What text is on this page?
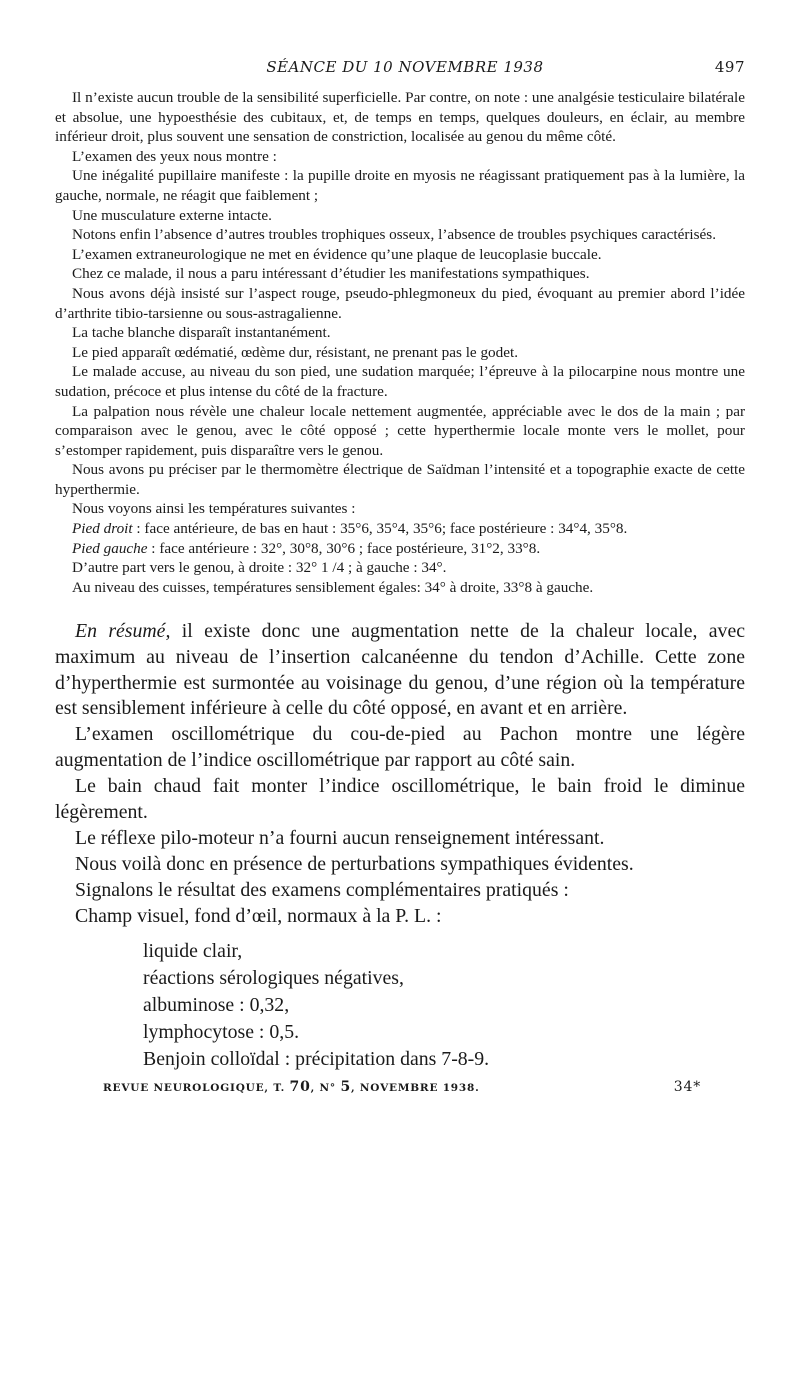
SÉANCE DU 10 NOVEMBRE 1938	497

Il n’existe aucun trouble de la sensibilité superficielle. Par contre, on note : une analgésie testiculaire bilatérale et absolue, une hypoesthésie des cubitaux, et, de temps en temps, quelques douleurs, en éclair, au membre inférieur droit, plus souvent une sensation de constriction, localisée au genou du même côté.

L’examen des yeux nous montre :

Une inégalité pupillaire manifeste : la pupille droite en myosis ne réagissant pratiquement pas à la lumière, la gauche, normale, ne réagit que faiblement ;

Une musculature externe intacte.

Notons enfin l’absence d’autres troubles trophiques osseux, l’absence de troubles psychiques caractérisés.

L’examen extraneurologique ne met en évidence qu’une plaque de leucoplasie buccale.

Chez ce malade, il nous a paru intéressant d’étudier les manifestations sympathiques.

Nous avons déjà insisté sur l’aspect rouge, pseudo-phlegmoneux du pied, évoquant au premier abord l’idée d’arthrite tibio-tarsienne ou sous-astragalienne.

La tache blanche disparaît instantanément.

Le pied apparaît œdématié, œdème dur, résistant, ne prenant pas le godet.

Le malade accuse, au niveau du son pied, une sudation marquée; l’épreuve à la pilocarpine nous montre une sudation, précoce et plus intense du côté de la fracture.

La palpation nous révèle une chaleur locale nettement augmentée, appréciable avec le dos de la main ; par comparaison avec le genou, avec le côté opposé ; cette hyperthermie locale monte vers le mollet, pour s’estomper rapidement, puis disparaître vers le genou.

Nous avons pu préciser par le thermomètre électrique de Saïdman l’intensité et a topographie exacte de cette hyperthermie.

Nous voyons ainsi les températures suivantes :

Pied droit : face antérieure, de bas en haut : 35°6, 35°4, 35°6; face postérieure : 34°4, 35°8.

Pied gauche : face antérieure : 32°, 30°8, 30°6 ; face postérieure, 31°2, 33°8.

D’autre part vers le genou, à droite : 32° 1 /4 ; à gauche : 34°.

Au niveau des cuisses, températures sensiblement égales: 34° à droite, 33°8 à gauche.

En résumé, il existe donc une augmentation nette de la chaleur locale, avec maximum au niveau de l’insertion calcanéenne du tendon d’Achille. Cette zone d’hyperthermie est surmontée au voisinage du genou, d’une région où la température est sensiblement inférieure à celle du côté opposé, en avant et en arrière.

L’examen oscillométrique du cou-de-pied au Pachon montre une légère augmentation de l’indice oscillométrique par rapport au côté sain.

Le bain chaud fait monter l’indice oscillométrique, le bain froid le diminue légèrement.

Le réflexe pilo-moteur n’a fourni aucun renseignement intéressant.

Nous voilà donc en présence de perturbations sympathiques évidentes.

Signalons le résultat des examens complémentaires pratiqués :

Champ visuel, fond d’œil, normaux à la P. L. :

liquide clair,
réactions sérologiques négatives,
albuminose : 0,32,
lymphocytose : 0,5.
Benjoin colloïdal : précipitation dans 7-8-9.
REVUE NEUROLOGIQUE, T. 70, N° 5, NOVEMBRE 1938.	34*
